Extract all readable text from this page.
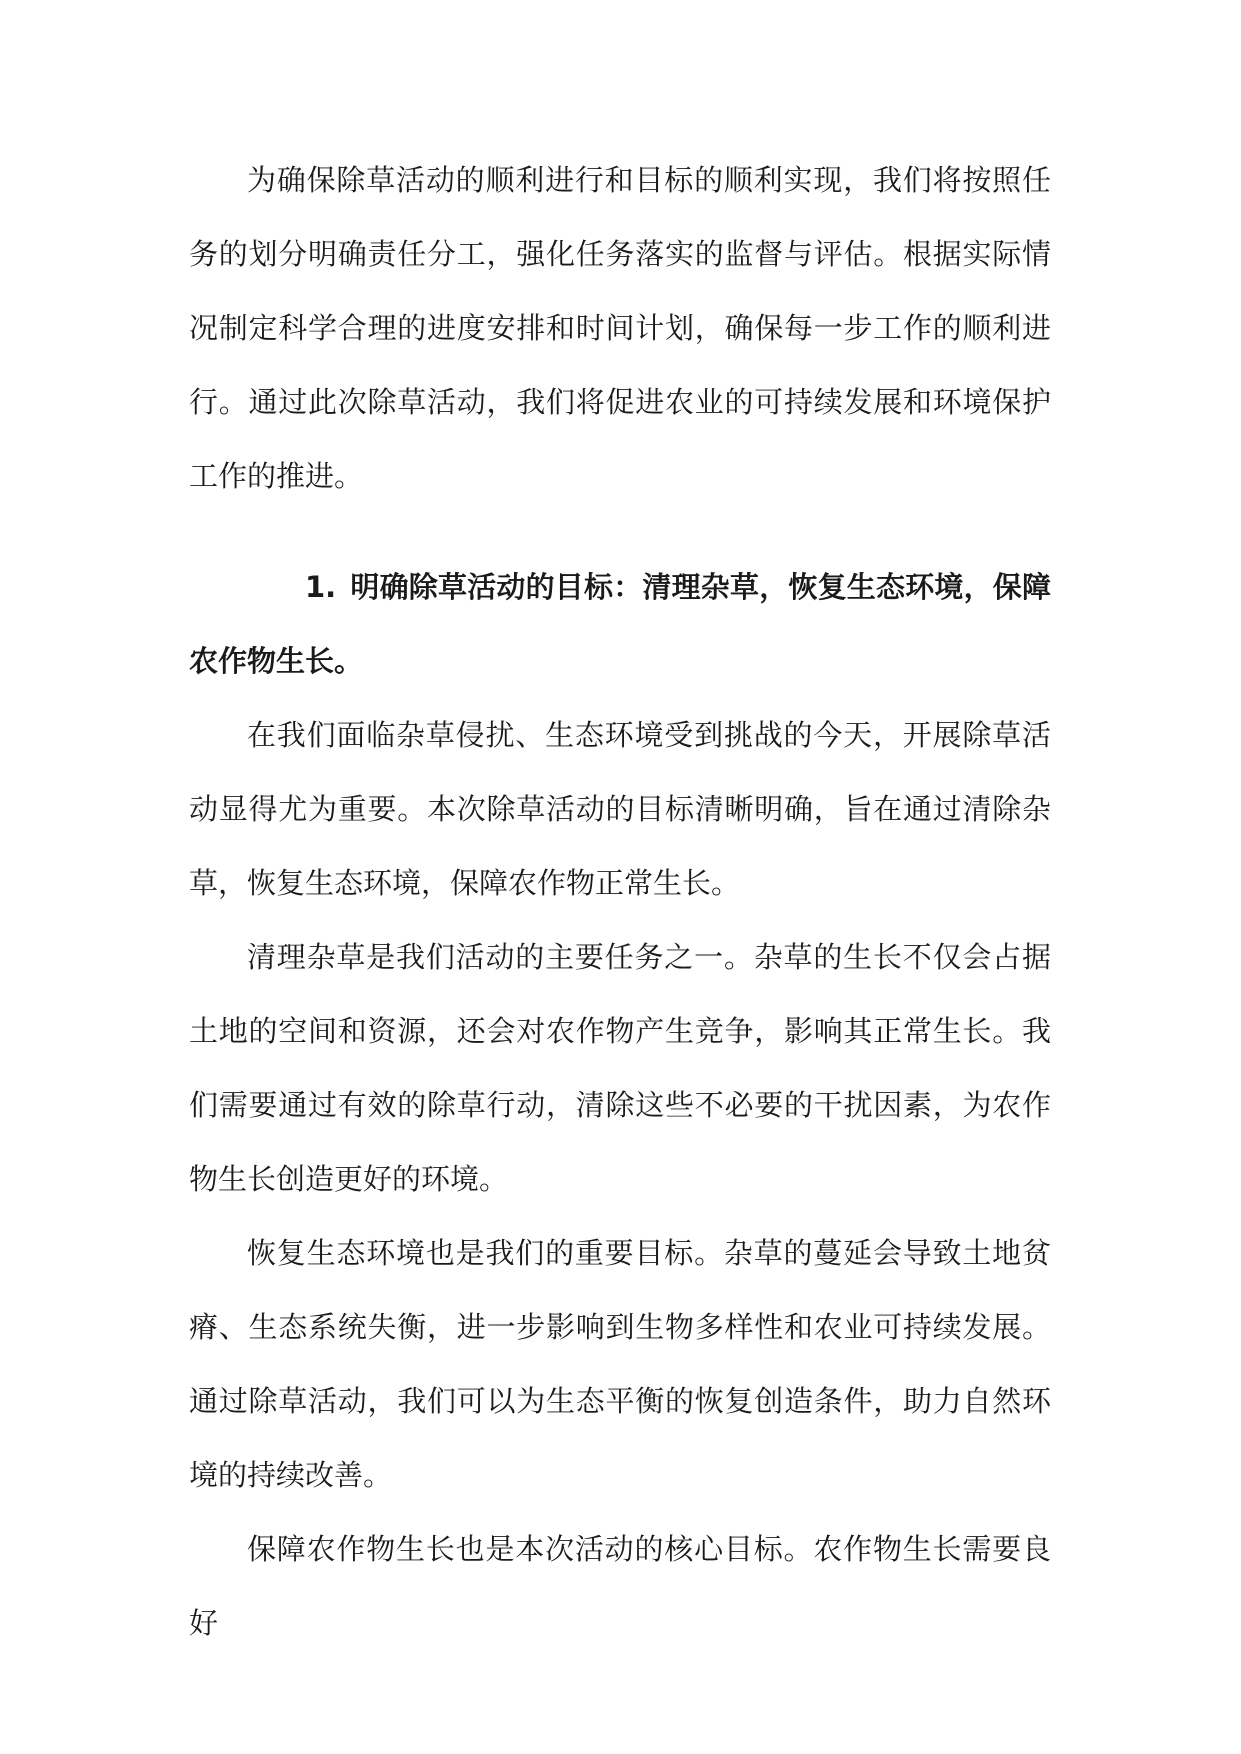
为确保除草活动的顺利进行和目标的顺利实现，我们将按照任务的划分明确责任分工，强化任务落实的监督与评估。根据实际情况制定科学合理的进度安排和时间计划，确保每一步工作的顺利进行。通过此次除草活动，我们将促进农业的可持续发展和环境保护工作的推进。

1. 明确除草活动的目标：清理杂草，恢复生态环境，保障农作物生长。

在我们面临杂草侵扰、生态环境受到挑战的今天，开展除草活动显得尤为重要。本次除草活动的目标清晰明确，旨在通过清除杂草，恢复生态环境，保障农作物正常生长。

清理杂草是我们活动的主要任务之一。杂草的生长不仅会占据土地的空间和资源，还会对农作物产生竞争，影响其正常生长。我们需要通过有效的除草行动，清除这些不必要的干扰因素，为农作物生长创造更好的环境。

恢复生态环境也是我们的重要目标。杂草的蔓延会导致土地贫瘠、生态系统失衡，进一步影响到生物多样性和农业可持续发展。通过除草活动，我们可以为生态平衡的恢复创造条件，助力自然环境的持续改善。

保障农作物生长也是本次活动的核心目标。农作物生长需要良好
